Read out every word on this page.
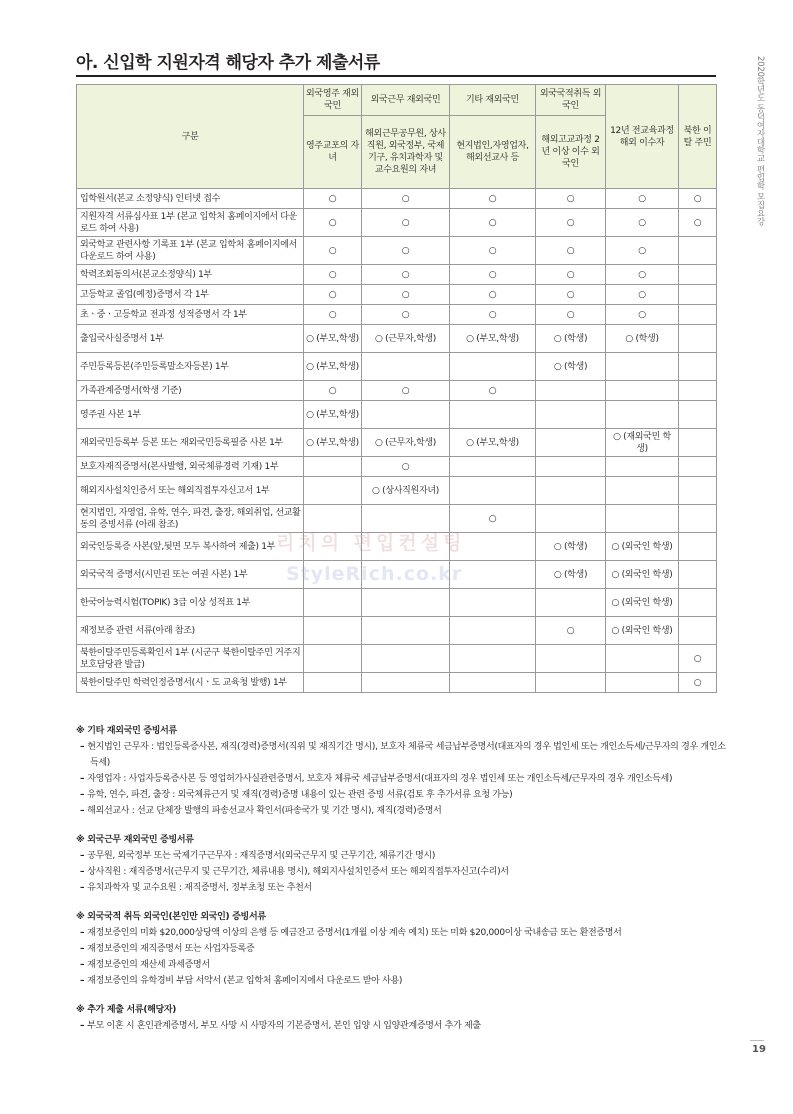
아. 신입학 지원자격 해당자 추가 제출서류	2020학년도 동덕여자대학교 편입학 모집요강
리치의 편입컨설팅
StyleRich.co.kr
구분	외국영주 재외국민	외국근무 재외국민	기타 재외국민	외국국적취득 외국인	12년 전교육과정 해외 이수자	북한 이탈 주민
	영주교포의 자녀	해외근무공무원, 상사직원, 외국정부, 국제기구, 유치과학자 및 교수요원의 자녀	현지법인,자영업자, 해외선교사 등	해외고교과정 2년 이상 이수 외국인		
입학원서(본교 소정양식) 인터넷 접수	○	○	○	○	○	○
지원자격 서류심사표 1부 (본교 입학처 홈페이지에서 다운로드 하여 사용)	○	○	○	○	○	○
외국학교 관련사항 기록표 1부 (본교 입학처 홈페이지에서 다운로드 하여 사용)	○	○	○	○	○	
학력조회동의서(본교소정양식) 1부	○	○	○	○	○	
고등학교 졸업(예정)증명서 각 1부	○	○	○	○	○	
초ㆍ중ㆍ고등학교 전과정 성적증명서 각 1부	○	○	○	○	○	
출입국사실증명서 1부	○ (부모,학생)	○ (근무자,학생)	○ (부모,학생)	○ (학생)	○ (학생)	
주민등록등본(주민등록말소자등본) 1부	○ (부모,학생)			○ (학생)		
가족관계증명서(학생 기준)	○	○	○			
영주권 사본 1부	○ (부모,학생)					
재외국민등록부 등본 또는 재외국민등록필증 사본 1부	○ (부모,학생)	○ (근무자,학생)	○ (부모,학생)		○ (재외국민 학생)	
보호자재직증명서(본사발행, 외국체류경력 기재) 1부		○				
해외지사설치인증서 또는 해외직접투자신고서 1부		○ (상사직원자녀)				
현지법인, 자영업, 유학, 연수, 파견, 출장, 해외취업, 선교활동의 증빙서류 (아래 참조)			○			
외국인등록증 사본(앞,뒷면 모두 복사하여 제출) 1부				○ (학생)	○ (외국인 학생)	
외국국적 증명서(시민권 또는 여권 사본) 1부				○ (학생)	○ (외국인 학생)	
한국어능력시험(TOPIK) 3급 이상 성적표 1부					○ (외국인 학생)	
재정보증 관련 서류(아래 참조)				○	○ (외국인 학생)	
북한이탈주민등록확인서 1부 (시군구 북한이탈주민 거주지 보호담당관 발급)						○
북한이탈주민 학력인정증명서(시ㆍ도 교육청 발행) 1부						○
※ 기타 재외국민 증빙서류
– 현지법인 근무자 : 법인등록증사본, 재직(경력)증명서(직위 및 재직기간 명시), 보호자 체류국 세금납부증명서(대표자의 경우 법인세 또는 개인소득세/근무자의 경우 개인소득세)
– 자영업자 : 사업자등록증사본 등 영업허가사실관련증명서, 보호자 체류국 세금납부증명서(대표자의 경우 법인세 또는 개인소득세/근무자의 경우 개인소득세)
– 유학, 연수, 파견, 출장 : 외국체류근거 및 재직(경력)증명 내용이 있는 관련 증빙 서류(검토 후 추가서류 요청 가능)
– 해외선교사 : 선교 단체장 발행의 파송선교사 확인서(파송국가 및 기간 명시), 재직(경력)증명서
※ 외국근무 재외국민 증빙서류
– 공무원, 외국정부 또는 국제기구근무자 : 재직증명서(외국근무지 및 근무기간, 체류기간 명시)
– 상사직원 : 재직증명서(근무지 및 근무기간, 체류내용 명시), 해외지사설치인증서 또는 해외직접투자신고(수리)서
– 유치과학자 및 교수요원 : 재직증명서, 정부초청 또는 추천서
※ 외국국적 취득 외국인(본인만 외국인) 증빙서류
– 재정보증인의 미화 $20,000상당액 이상의 은행 등 예금잔고 증명서(1개월 이상 계속 예치) 또는 미화 $20,000이상 국내송금 또는 환전증명서
– 재정보증인의 재직증명서 또는 사업자등록증
– 재정보증인의 재산세 과세증명서
– 재정보증인의 유학경비 부담 서약서 (본교 입학처 홈페이지에서 다운로드 받아 사용)
※ 추가 제출 서류(해당자)
– 부모 이혼 시 혼인관계증명서, 부모 사망 시 사망자의 기본증명서, 본인 입양 시 입양관계증명서 추가 제출
19
